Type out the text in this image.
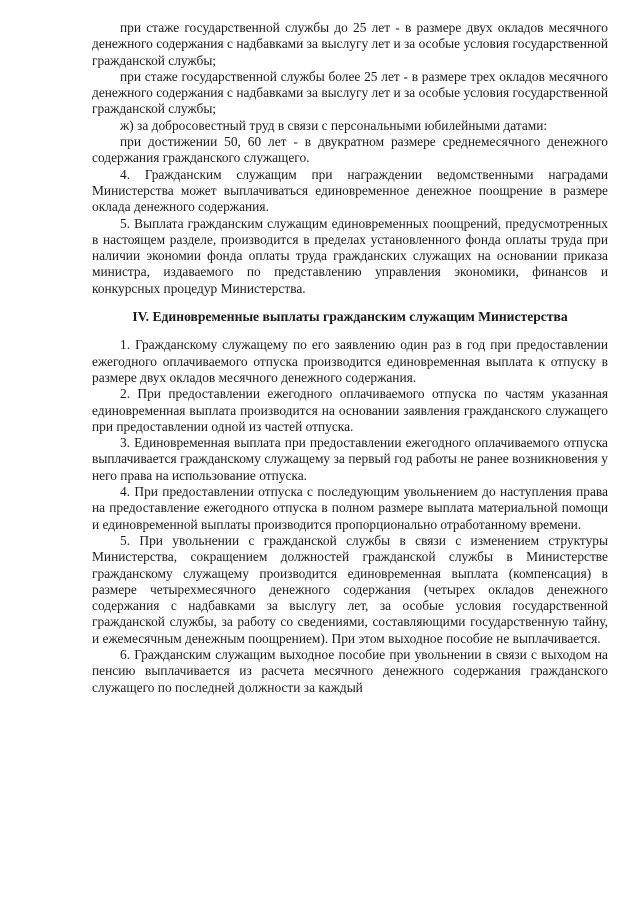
при стаже государственной службы до 25 лет - в размере двух окладов месячного денежного содержания с надбавками за выслугу лет и за особые условия государственной гражданской службы;

при стаже государственной службы более 25 лет - в размере трех окладов месячного денежного содержания с надбавками за выслугу лет и за особые условия государственной гражданской службы;

ж) за добросовестный труд в связи с персональными юбилейными датами:

при достижении 50, 60 лет - в двукратном размере среднемесячного денежного содержания гражданского служащего.

4. Гражданским служащим при награждении ведомственными наградами Министерства может выплачиваться единовременное денежное поощрение в размере оклада денежного содержания.

5. Выплата гражданским служащим единовременных поощрений, предусмотренных в настоящем разделе, производится в пределах установленного фонда оплаты труда при наличии экономии фонда оплаты труда гражданских служащих на основании приказа министра, издаваемого по представлению управления экономики, финансов и конкурсных процедур Министерства.

IV. Единовременные выплаты гражданским служащим Министерства

1. Гражданскому служащему по его заявлению один раз в год при предоставлении ежегодного оплачиваемого отпуска производится единовременная выплата к отпуску в размере двух окладов месячного денежного содержания.

2. При предоставлении ежегодного оплачиваемого отпуска по частям указанная единовременная выплата производится на основании заявления гражданского служащего при предоставлении одной из частей отпуска.

3. Единовременная выплата при предоставлении ежегодного оплачиваемого отпуска выплачивается гражданскому служащему за первый год работы не ранее возникновения у него права на использование отпуска.

4. При предоставлении отпуска с последующим увольнением до наступления права на предоставление ежегодного отпуска в полном размере выплата материальной помощи и единовременной выплаты производится пропорционально отработанному времени.

5. При увольнении с гражданской службы в связи с изменением структуры Министерства, сокращением должностей гражданской службы в Министерстве гражданскому служащему производится единовременная выплата (компенсация) в размере четырехмесячного денежного содержания (четырех окладов денежного содержания с надбавками за выслугу лет, за особые условия государственной гражданской службы, за работу со сведениями, составляющими государственную тайну, и ежемесячным денежным поощрением). При этом выходное пособие не выплачивается.

6. Гражданским служащим выходное пособие при увольнении в связи с выходом на пенсию выплачивается из расчета месячного денежного содержания гражданского служащего по последней должности за каждый
